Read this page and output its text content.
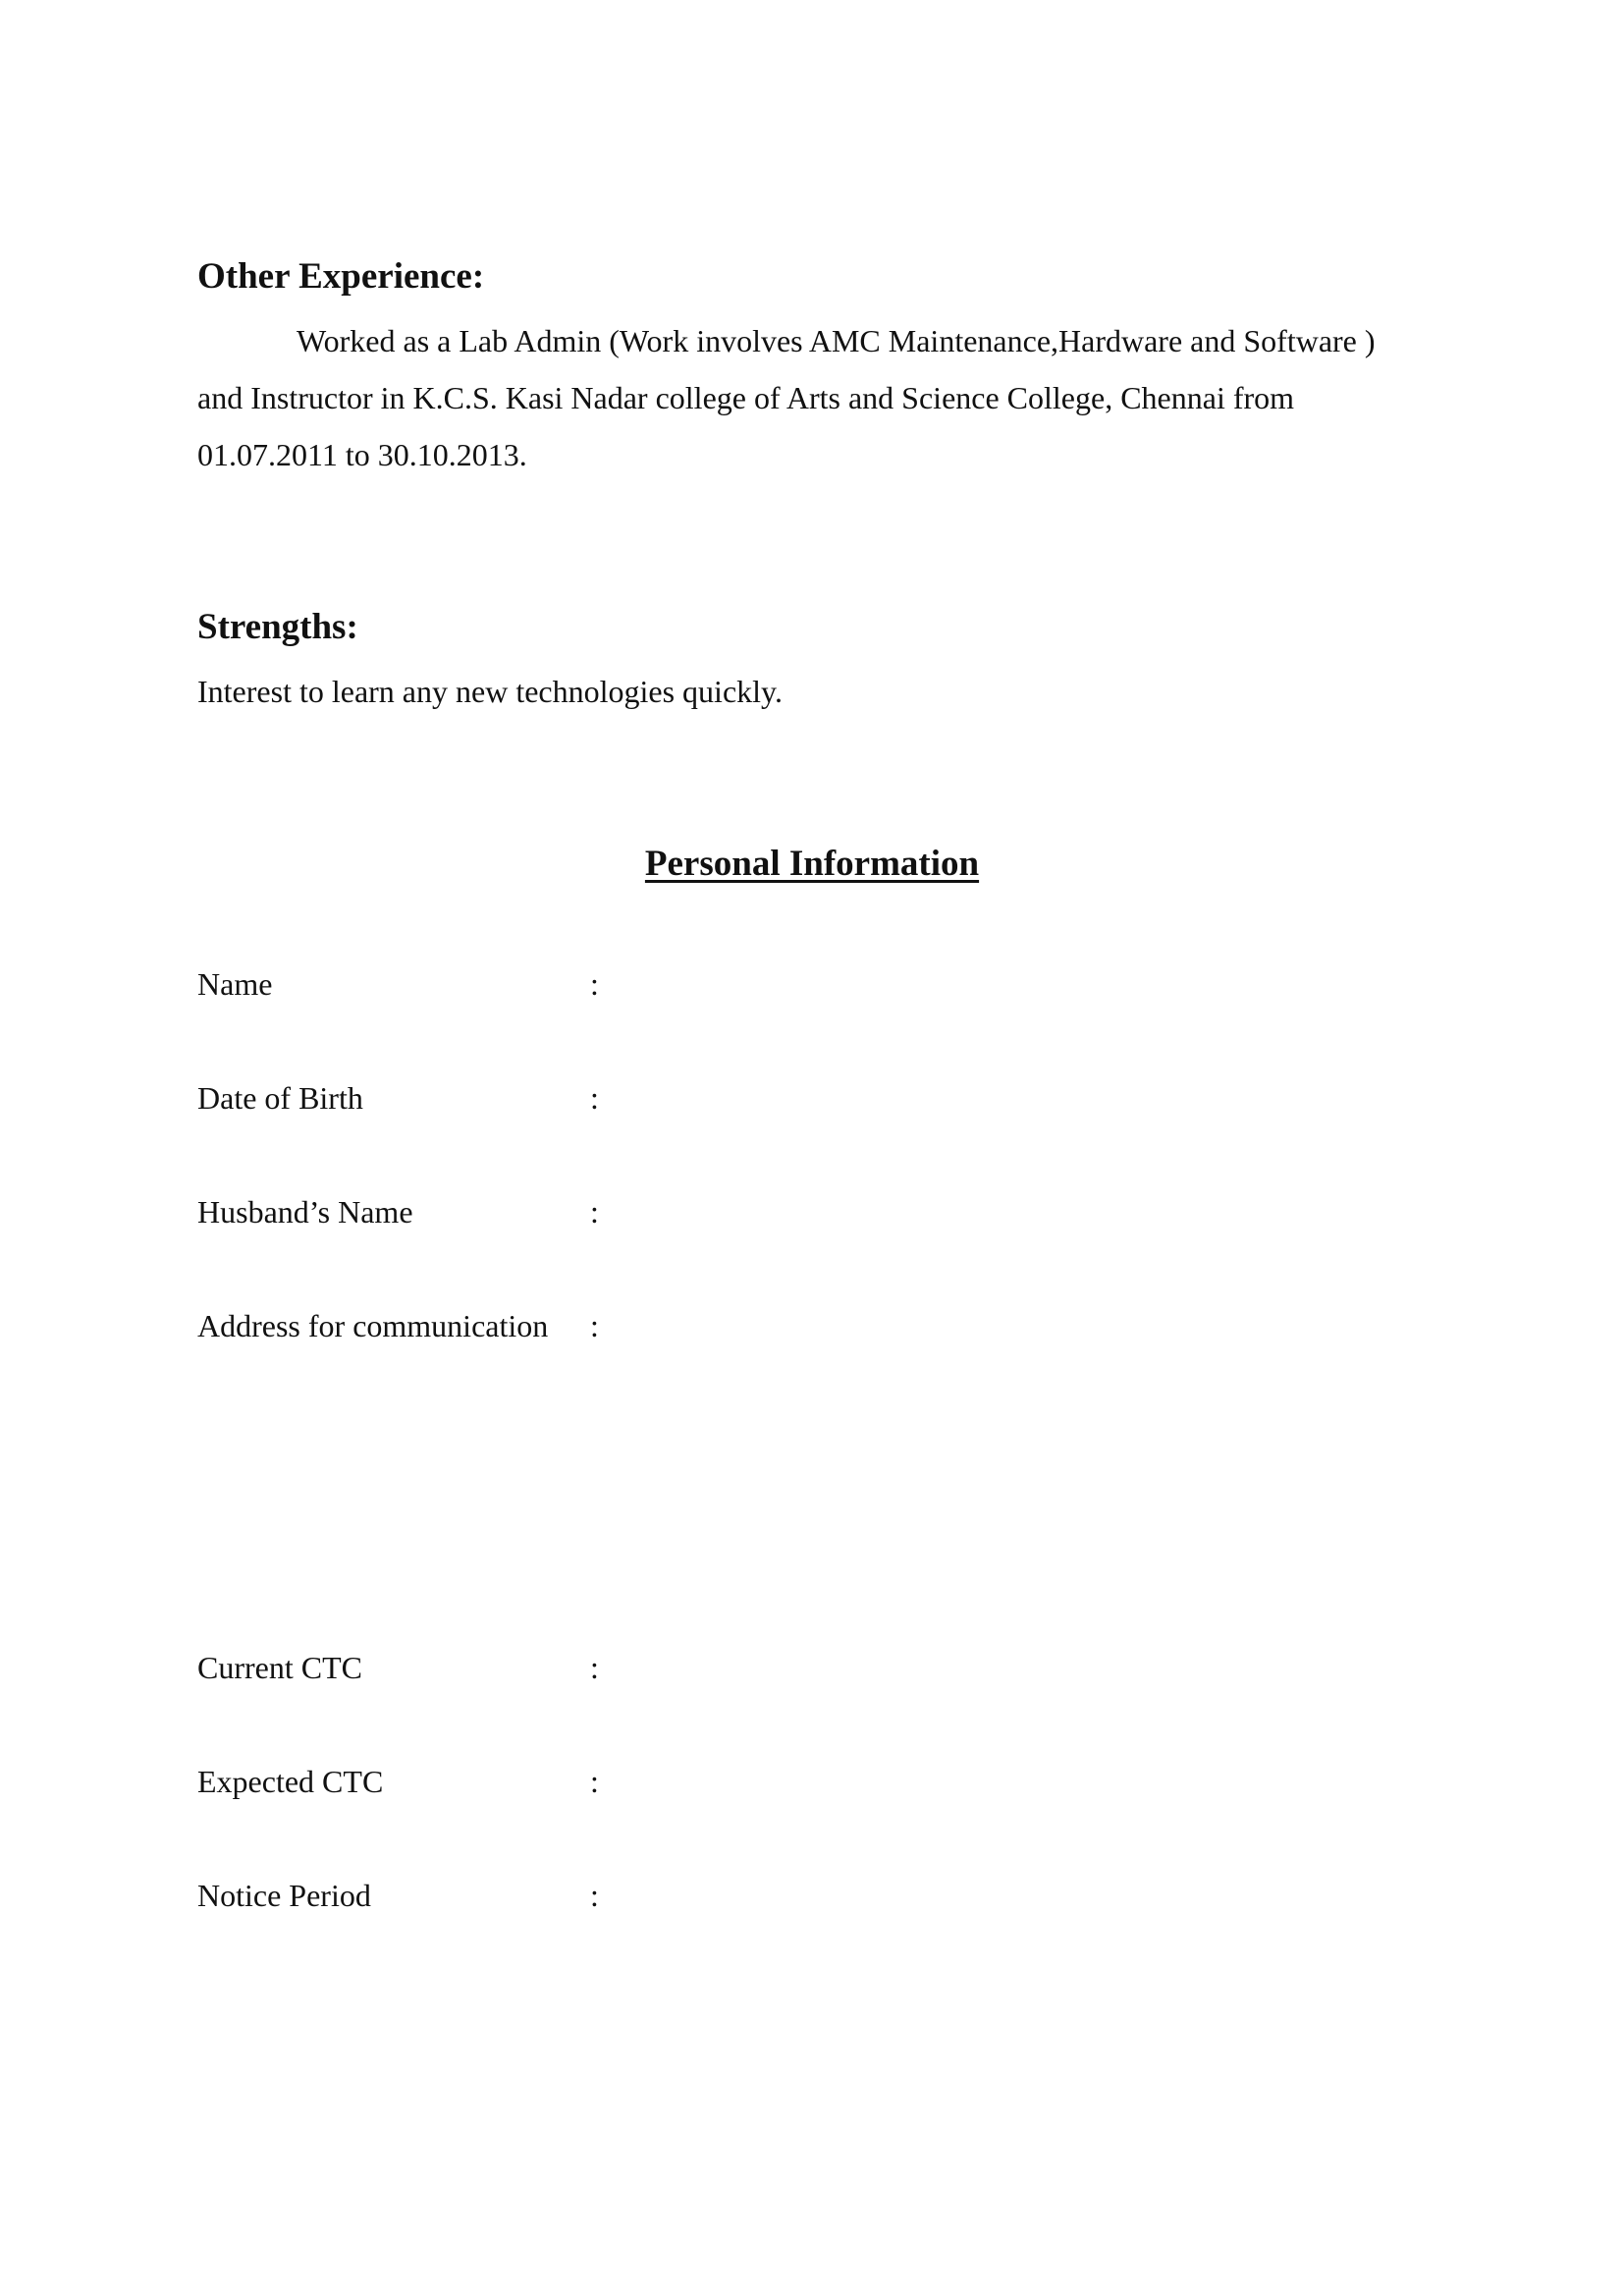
Other Experience:
Worked as a Lab Admin (Work involves AMC Maintenance,Hardware and Software )
and Instructor in K.C.S. Kasi Nadar college of Arts and Science College, Chennai from
01.07.2011 to 30.10.2013.
Strengths:
Interest to learn any new technologies quickly.
Personal Information
Name	:
Date of Birth	:
Husband’s Name	:
Address for communication :
Current CTC	:
Expected CTC	:
Notice Period	:
